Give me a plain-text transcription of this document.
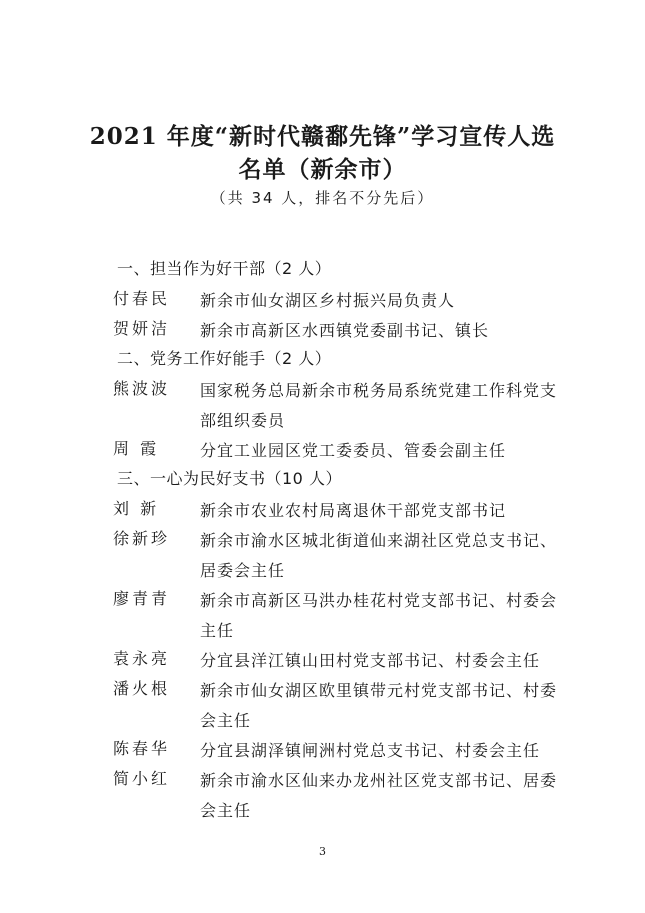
2021 年度“新时代赣鄱先锋”学习宣传人选
名单（新余市）
（共 34 人，排名不分先后）
一、担当作为好干部（2 人）
付春民 新余市仙女湖区乡村振兴局负责人
贺妍洁 新余市高新区水西镇党委副书记、镇长
二、党务工作好能手（2 人）
熊波波 国家税务总局新余市税务局系统党建工作科党支
部组织委员
周 霞	分宜工业园区党工委委员、管委会副主任
三、一心为民好支书（10 人）
刘 新	新余市农业农村局离退休干部党支部书记
徐新珍 新余市渝水区城北街道仙来湖社区党总支书记、
居委会主任
廖青青 新余市高新区马洪办桂花村党支部书记、村委会
主任
袁永亮 分宜县洋江镇山田村党支部书记、村委会主任
潘火根 新余市仙女湖区欧里镇带元村党支部书记、村委
会主任
陈春华 分宜县湖泽镇闸洲村党总支书记、村委会主任
简小红 新余市渝水区仙来办龙州社区党支部书记、居委
会主任
3
